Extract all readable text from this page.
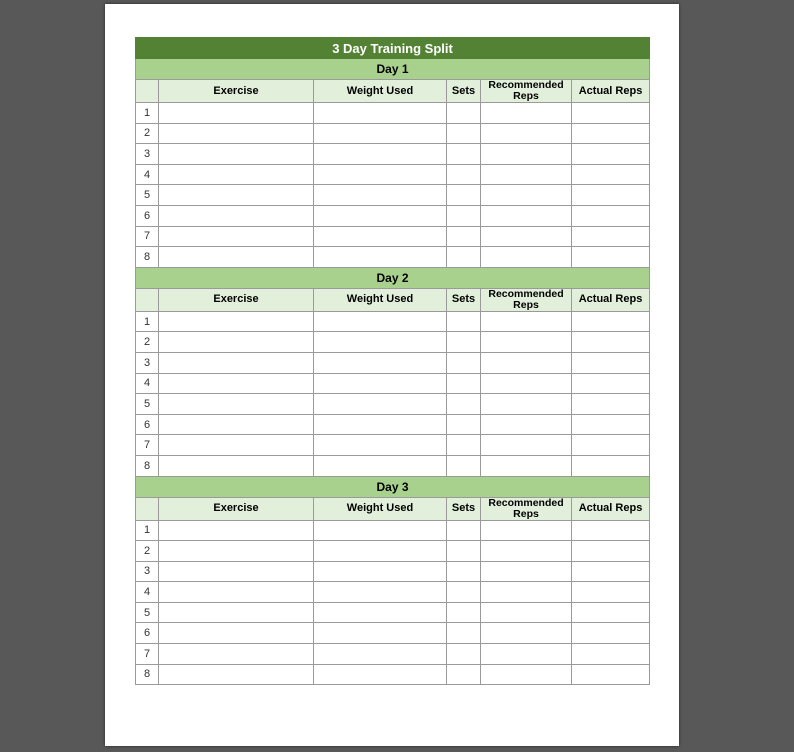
3 Day Training Split					
Day 1					
	Exercise	Weight Used	Sets	Recommended
Reps	Actual Reps
1					
2					
3					
4					
5					
6					
7					
8					
Day 2					
	Exercise	Weight Used	Sets	Recommended
Reps	Actual Reps
1					
2					
3					
4					
5					
6					
7					
8					
Day 3					
	Exercise	Weight Used	Sets	Recommended
Reps	Actual Reps
1					
2					
3					
4					
5					
6					
7					
8					
